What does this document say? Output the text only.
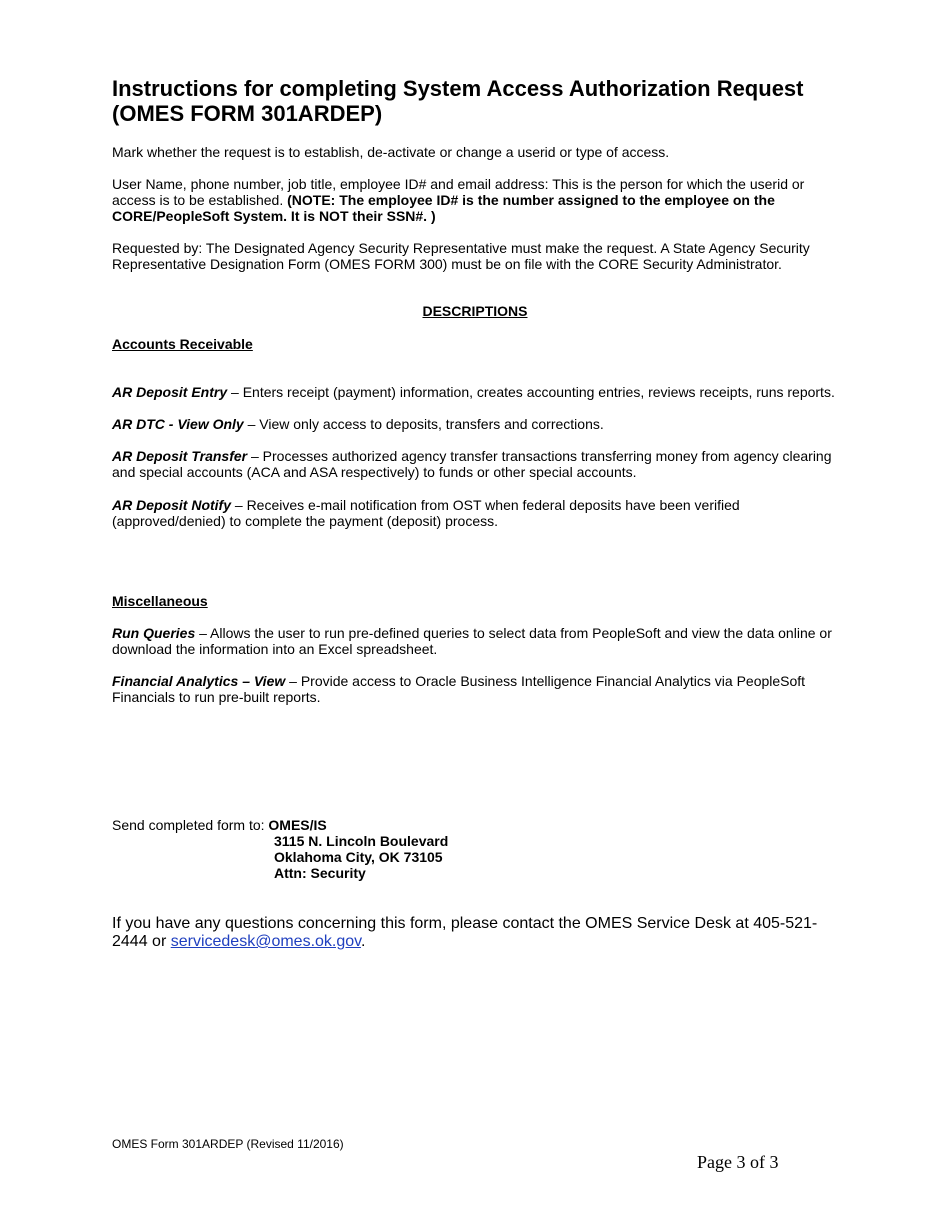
Instructions for completing System Access Authorization Request (OMES FORM 301ARDEP)

Mark whether the request is to establish, de-activate or change a userid or type of access.

User Name, phone number, job title, employee ID# and email address: This is the person for which the userid or access is to be established. (NOTE: The employee ID# is the number assigned to the employee on the CORE/PeopleSoft System. It is NOT their SSN#. )

Requested by: The Designated Agency Security Representative must make the request. A State Agency Security Representative Designation Form (OMES FORM 300) must be on file with the CORE Security Administrator.

DESCRIPTIONS

Accounts Receivable

AR Deposit Entry – Enters receipt (payment) information, creates accounting entries, reviews receipts, runs reports.

AR DTC - View Only – View only access to deposits, transfers and corrections.

AR Deposit Transfer – Processes authorized agency transfer transactions transferring money from agency clearing and special accounts (ACA and ASA respectively) to funds or other special accounts.

AR Deposit Notify – Receives e-mail notification from OST when federal deposits have been verified (approved/denied) to complete the payment (deposit) process.

Miscellaneous

Run Queries – Allows the user to run pre-defined queries to select data from PeopleSoft and view the data online or download the information into an Excel spreadsheet.

Financial Analytics – View – Provide access to Oracle Business Intelligence Financial Analytics via PeopleSoft Financials to run pre-built reports.

Send completed form to: OMES/IS
3115 N. Lincoln Boulevard
Oklahoma City, OK 73105
Attn: Security

If you have any questions concerning this form, please contact the OMES Service Desk at 405-521-2444 or servicedesk@omes.ok.gov.

OMES Form 301ARDEP (Revised 11/2016)

Page 3 of 3
